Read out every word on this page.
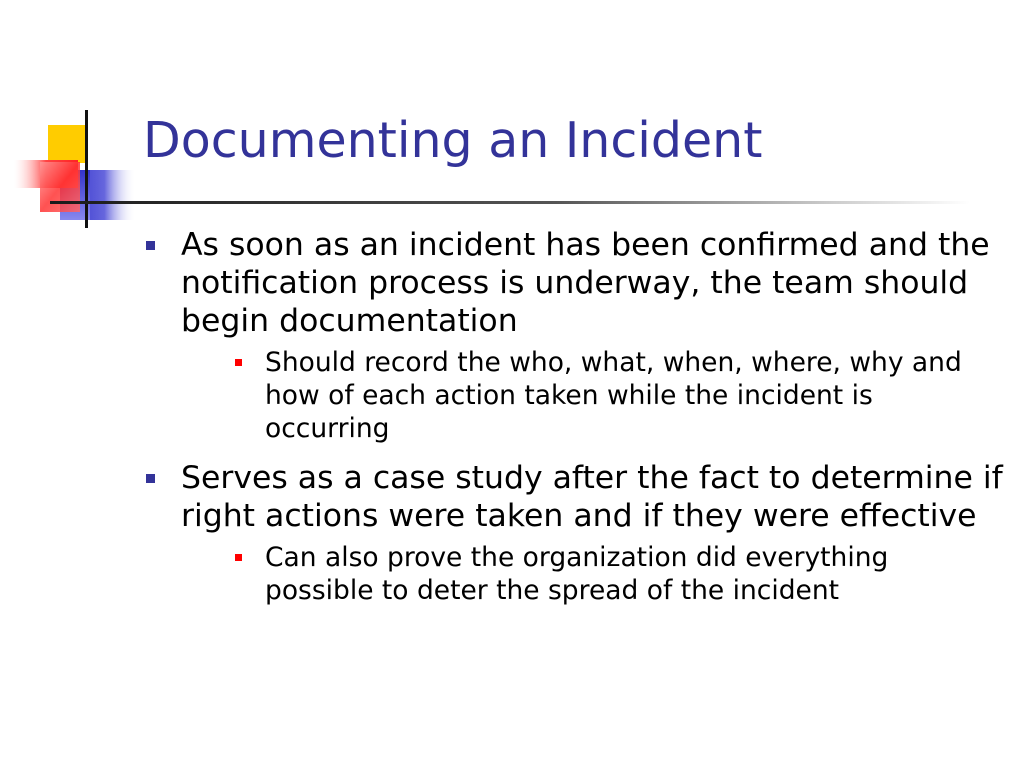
Documenting an Incident
As soon as an incident has been confirmed and the notification process is underway, the team should begin documentation
Should record the who, what, when, where, why and how of each action taken while the incident is occurring
Serves as a case study after the fact to determine if right actions were taken and if they were effective
Can also prove the organization did everything possible to deter the spread of the incident
